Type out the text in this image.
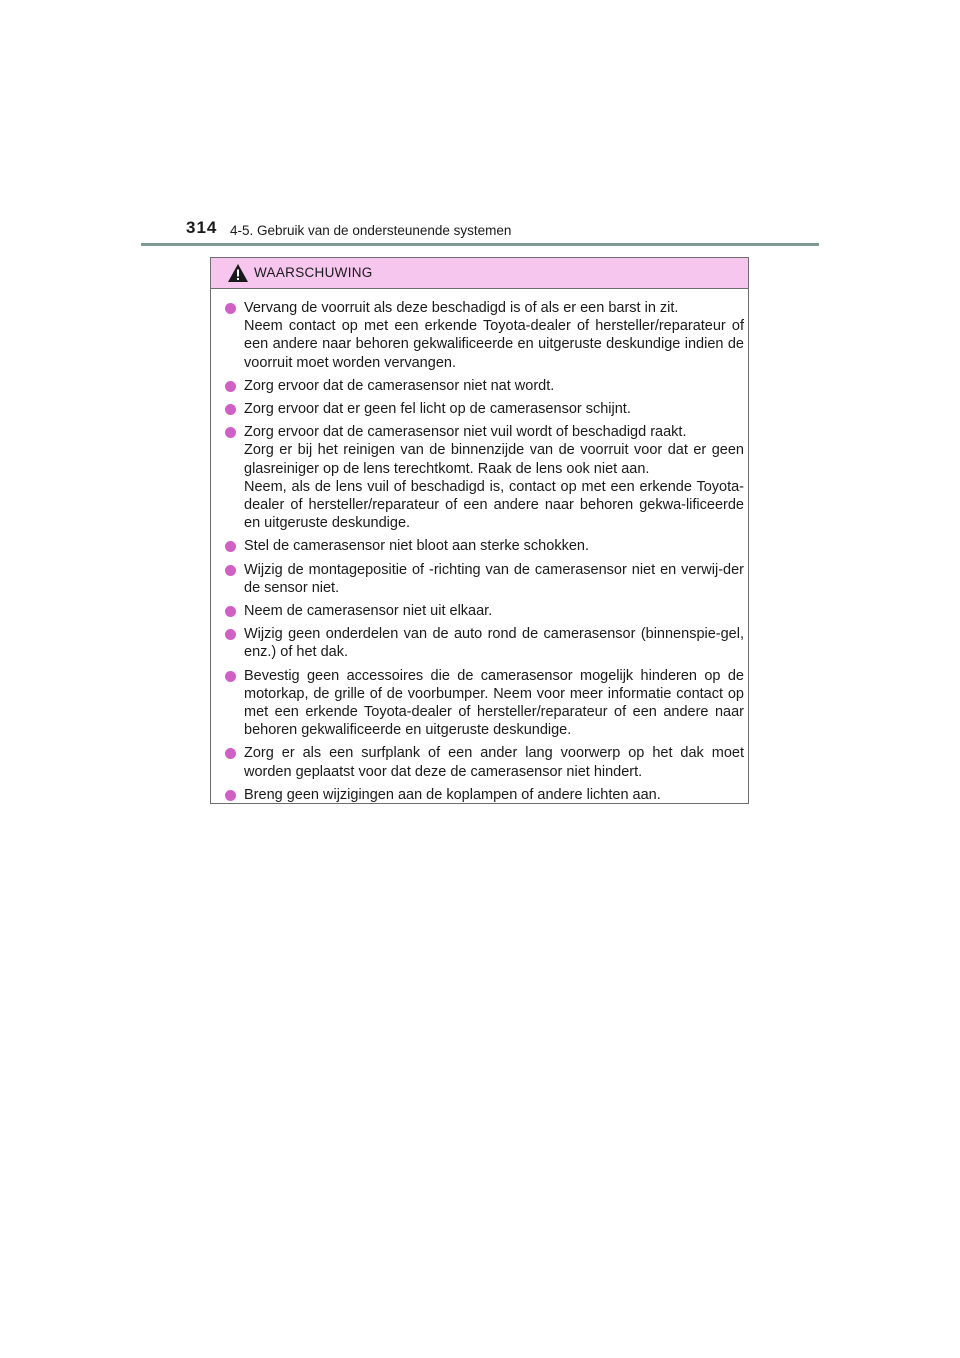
314 4-5. Gebruik van de ondersteunende systemen
WAARSCHUWING
Vervang de voorruit als deze beschadigd is of als er een barst in zit.
Neem contact op met een erkende Toyota-dealer of hersteller/reparateur of een andere naar behoren gekwalificeerde en uitgeruste deskundige indien de voorruit moet worden vervangen.
Zorg ervoor dat de camerasensor niet nat wordt.
Zorg ervoor dat er geen fel licht op de camerasensor schijnt.
Zorg ervoor dat de camerasensor niet vuil wordt of beschadigd raakt.
Zorg er bij het reinigen van de binnenzijde van de voorruit voor dat er geen glasreiniger op de lens terechtkomt. Raak de lens ook niet aan.
Neem, als de lens vuil of beschadigd is, contact op met een erkende Toyota-dealer of hersteller/reparateur of een andere naar behoren gekwa-lificeerde en uitgeruste deskundige.
Stel de camerasensor niet bloot aan sterke schokken.
Wijzig de montagepositie of -richting van de camerasensor niet en verwij-der de sensor niet.
Neem de camerasensor niet uit elkaar.
Wijzig geen onderdelen van de auto rond de camerasensor (binnenspie-gel, enz.) of het dak.
Bevestig geen accessoires die de camerasensor mogelijk hinderen op de motorkap, de grille of de voorbumper. Neem voor meer informatie contact op met een erkende Toyota-dealer of hersteller/reparateur of een andere naar behoren gekwalificeerde en uitgeruste deskundige.
Zorg er als een surfplank of een ander lang voorwerp op het dak moet worden geplaatst voor dat deze de camerasensor niet hindert.
Breng geen wijzigingen aan de koplampen of andere lichten aan.
